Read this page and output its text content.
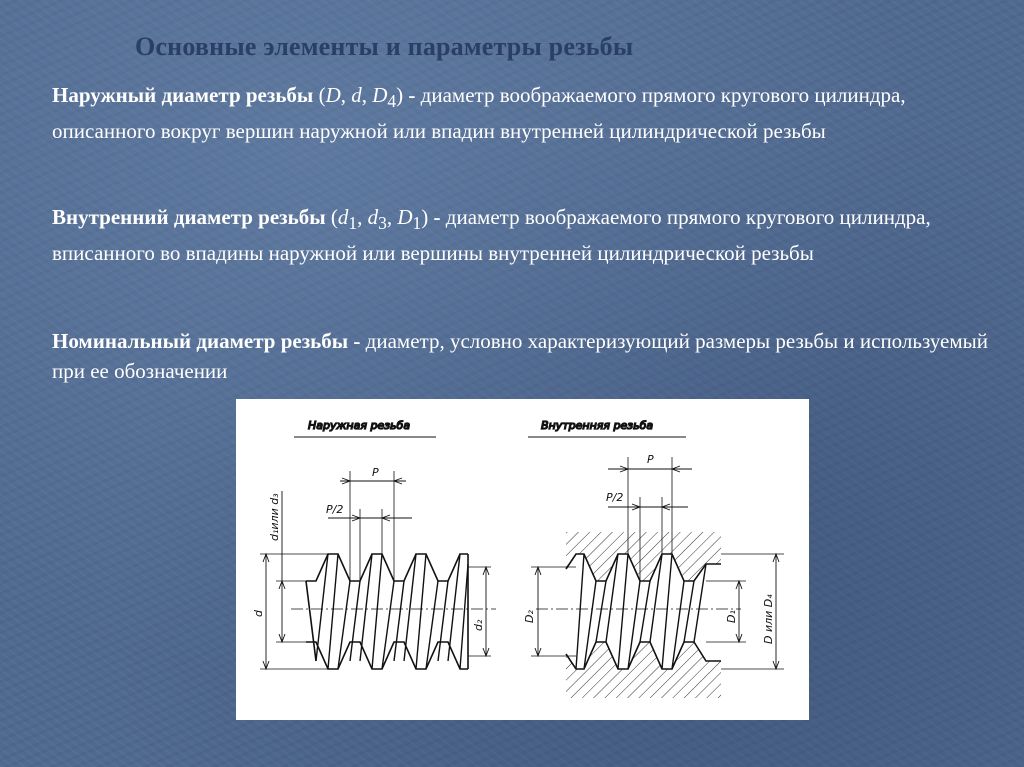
Основные элементы и параметры резьбы
Наружный диаметр резьбы (D, d, $D_4$) - диаметр воображаемого прямого кругового цилиндра, описанного вокруг вершин наружной или впадин внутренней цилиндрической резьбы
Внутренний диаметр резьбы ($d_1$, $d_3$, $D_1$) - диаметр воображаемого прямого кругового цилиндра, вписанного во впадины наружной или вершины внутренней цилиндрической резьбы
Номинальный диаметр резьбы - диаметр, условно характеризующий размеры резьбы и используемый при ее обозначении
Наружная резьба
P
P/2
d
d₁или d₃
d₂
Внутренняя резьба
P
P/2
D₂	D₁ D или D₄
